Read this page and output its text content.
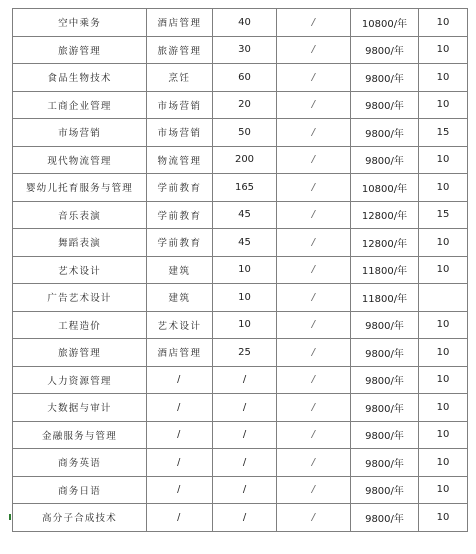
空中乘务	酒店管理	40	/	10800/年	10
旅游管理	旅游管理	30	/	9800/年	10
食品生物技术	烹饪	60	/	9800/年	10
工商企业管理	市场营销	20	/	9800/年	10
市场营销	市场营销	50	/	9800/年	15
现代物流管理	物流管理	200	/	9800/年	10
婴幼儿托育服务与管理	学前教育	165	/	10800/年	10
音乐表演	学前教育	45	/	12800/年	15
舞蹈表演	学前教育	45	/	12800/年	10
艺术设计	建筑	10	/	11800/年	10
广告艺术设计	建筑	10	/	11800/年	
工程造价	艺术设计	10	/	9800/年	10
旅游管理	酒店管理	25	/	9800/年	10
人力资源管理	/	/	/	9800/年	10
大数据与审计	/	/	/	9800/年	10
金融服务与管理	/	/	/	9800/年	10
商务英语	/	/	/	9800/年	10
商务日语	/	/	/	9800/年	10
高分子合成技术	/	/	/	9800/年	10
